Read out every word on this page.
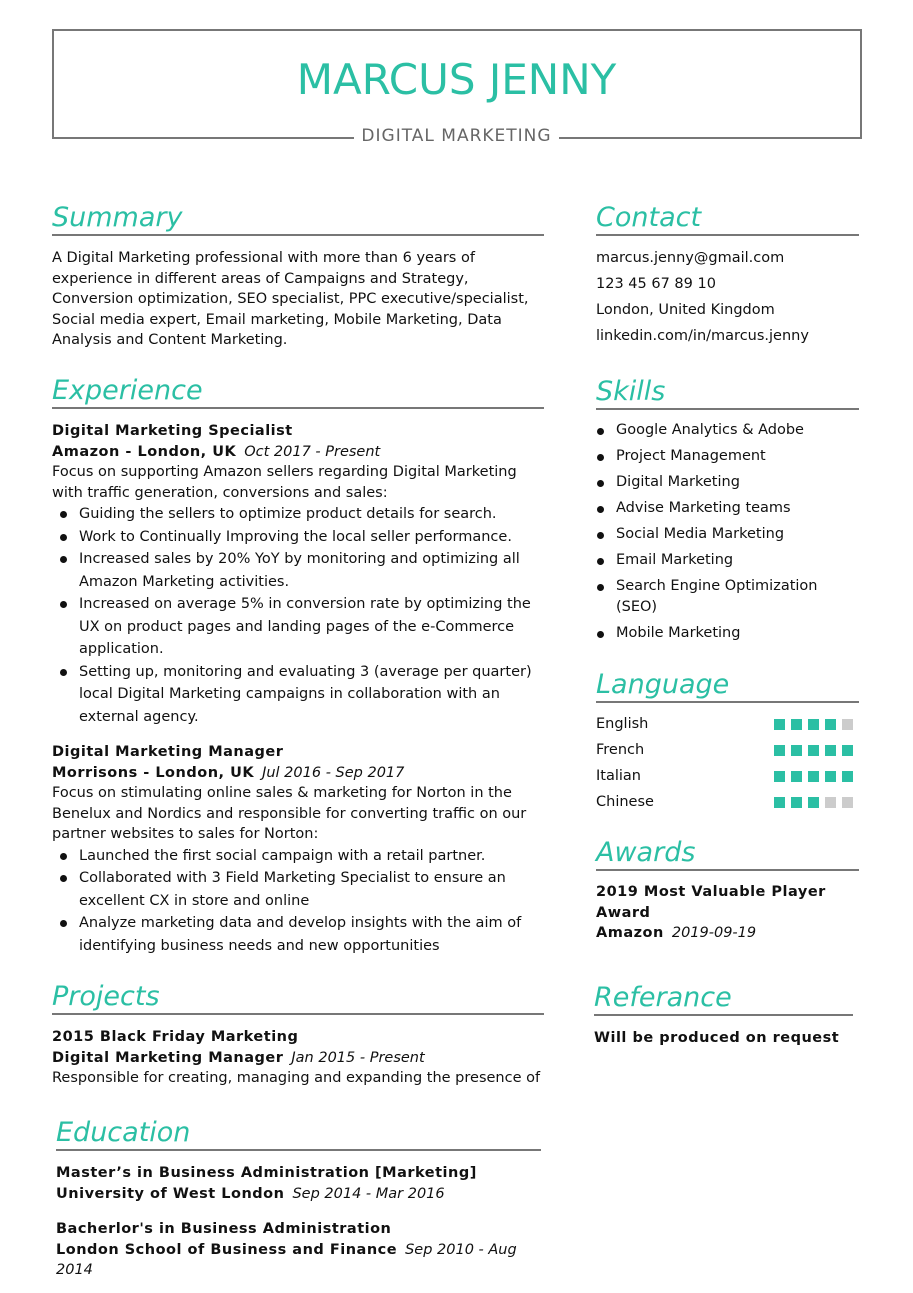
MARCUS JENNY
DIGITAL MARKETING
Summary
A Digital Marketing professional with more than 6 years of experience in different areas of Campaigns and Strategy, Conversion optimization, SEO specialist, PPC executive/specialist, Social media expert, Email marketing, Mobile Marketing, Data Analysis and Content Marketing.
Experience
Digital Marketing Specialist
Amazon - London, UK Oct 2017 - Present
Focus on supporting Amazon sellers regarding Digital Marketing with traffic generation, conversions and sales:
Guiding the sellers to optimize product details for search.
Work to Continually Improving the local seller performance.
Increased sales by 20% YoY by monitoring and optimizing all Amazon Marketing activities.
Increased on average 5% in conversion rate by optimizing the UX on product pages and landing pages of the e-Commerce application.
Setting up, monitoring and evaluating 3 (average per quarter) local Digital Marketing campaigns in collaboration with an external agency.
Digital Marketing Manager
Morrisons - London, UK Jul 2016 - Sep 2017
Focus on stimulating online sales & marketing for Norton in the Benelux and Nordics and responsible for converting traffic on our partner websites to sales for Norton:
Launched the first social campaign with a retail partner.
Collaborated with 3 Field Marketing Specialist to ensure an excellent CX in store and online
Analyze marketing data and develop insights with the aim of identifying business needs and new opportunities
Projects
2015 Black Friday Marketing
Digital Marketing Manager Jan 2015 - Present
Responsible for creating, managing and expanding the presence of
Education
Master’s in Business Administration [Marketing]
University of West London Sep 2014 - Mar 2016
Bacherlor's in Business Administration
London School of Business and Finance Sep 2010 - Aug 2014
Contact
marcus.jenny@gmail.com
123 45 67 89 10
London, United Kingdom
linkedin.com/in/marcus.jenny
Skills
Google Analytics & Adobe
Project Management
Digital Marketing
Advise Marketing teams
Social Media Marketing
Email Marketing
Search Engine Optimization (SEO)
Mobile Marketing
Language
English
French
Italian
Chinese
Awards
2019 Most Valuable Player Award
Amazon 2019-09-19
Referance
Will be produced on request
